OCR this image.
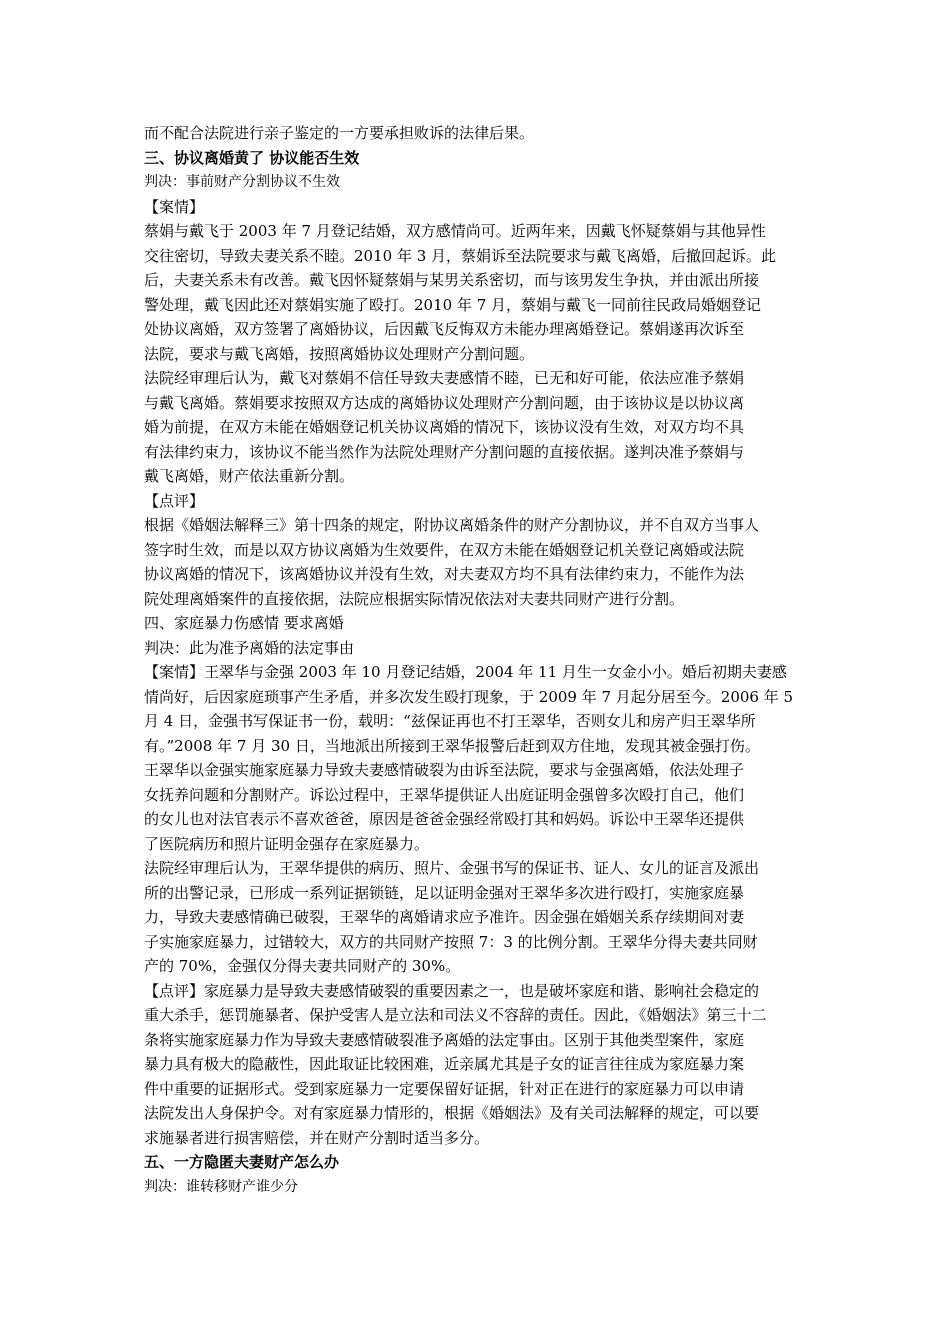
而不配合法院进行亲子鉴定的一方要承担败诉的法律后果。
三、协议离婚黄了 协议能否生效
判决：事前财产分割协议不生效
【案情】
蔡娟与戴飞于 2003 年 7 月登记结婚，双方感情尚可。近两年来，因戴飞怀疑蔡娟与其他异性
交往密切，导致夫妻关系不睦。2010 年 3 月，蔡娟诉至法院要求与戴飞离婚，后撤回起诉。此
后，夫妻关系未有改善。戴飞因怀疑蔡娟与某男关系密切，而与该男发生争执，并由派出所接
警处理，戴飞因此还对蔡娟实施了殴打。2010 年 7 月，蔡娟与戴飞一同前往民政局婚姻登记
处协议离婚，双方签署了离婚协议，后因戴飞反悔双方未能办理离婚登记。蔡娟遂再次诉至
法院，要求与戴飞离婚，按照离婚协议处理财产分割问题。
法院经审理后认为，戴飞对蔡娟不信任导致夫妻感情不睦，已无和好可能，依法应准予蔡娟
与戴飞离婚。蔡娟要求按照双方达成的离婚协议处理财产分割问题，由于该协议是以协议离
婚为前提，在双方未能在婚姻登记机关协议离婚的情况下，该协议没有生效，对双方均不具
有法律约束力，该协议不能当然作为法院处理财产分割问题的直接依据。遂判决准予蔡娟与
戴飞离婚，财产依法重新分割。
【点评】
根据《婚姻法解释三》第十四条的规定，附协议离婚条件的财产分割协议，并不自双方当事人
签字时生效，而是以双方协议离婚为生效要件，在双方未能在婚姻登记机关登记离婚或法院
协议离婚的情况下，该离婚协议并没有生效，对夫妻双方均不具有法律约束力，不能作为法
院处理离婚案件的直接依据，法院应根据实际情况依法对夫妻共同财产进行分割。
四、家庭暴力伤感情 要求离婚
判决：此为准予离婚的法定事由
【案情】王翠华与金强 2003 年 10 月登记结婚，2004 年 11 月生一女金小小。婚后初期夫妻感
情尚好，后因家庭琐事产生矛盾，并多次发生殴打现象，于 2009 年 7 月起分居至今。2006 年 5
月 4 日，金强书写保证书一份，载明：“兹保证再也不打王翠华，否则女儿和房产归王翠华所
有。”2008 年 7 月 30 日，当地派出所接到王翠华报警后赶到双方住地，发现其被金强打伤。
王翠华以金强实施家庭暴力导致夫妻感情破裂为由诉至法院，要求与金强离婚，依法处理子
女抚养问题和分割财产。诉讼过程中，王翠华提供证人出庭证明金强曾多次殴打自己，他们
的女儿也对法官表示不喜欢爸爸，原因是爸爸金强经常殴打其和妈妈。诉讼中王翠华还提供
了医院病历和照片证明金强存在家庭暴力。
法院经审理后认为，王翠华提供的病历、照片、金强书写的保证书、证人、女儿的证言及派出
所的出警记录，已形成一系列证据锁链，足以证明金强对王翠华多次进行殴打，实施家庭暴
力，导致夫妻感情确已破裂，王翠华的离婚请求应予准许。因金强在婚姻关系存续期间对妻
子实施家庭暴力，过错较大，双方的共同财产按照 7：3 的比例分割。王翠华分得夫妻共同财
产的 70%，金强仅分得夫妻共同财产的 30%。
【点评】家庭暴力是导致夫妻感情破裂的重要因素之一，也是破坏家庭和谐、影响社会稳定的
重大杀手，惩罚施暴者、保护受害人是立法和司法义不容辞的责任。因此，《婚姻法》第三十二
条将实施家庭暴力作为导致夫妻感情破裂准予离婚的法定事由。区别于其他类型案件，家庭
暴力具有极大的隐蔽性，因此取证比较困难，近亲属尤其是子女的证言往往成为家庭暴力案
件中重要的证据形式。受到家庭暴力一定要保留好证据，针对正在进行的家庭暴力可以申请
法院发出人身保护令。对有家庭暴力情形的，根据《婚姻法》及有关司法解释的规定，可以要
求施暴者进行损害赔偿，并在财产分割时适当多分。
五、一方隐匿夫妻财产怎么办
判决：谁转移财产谁少分
